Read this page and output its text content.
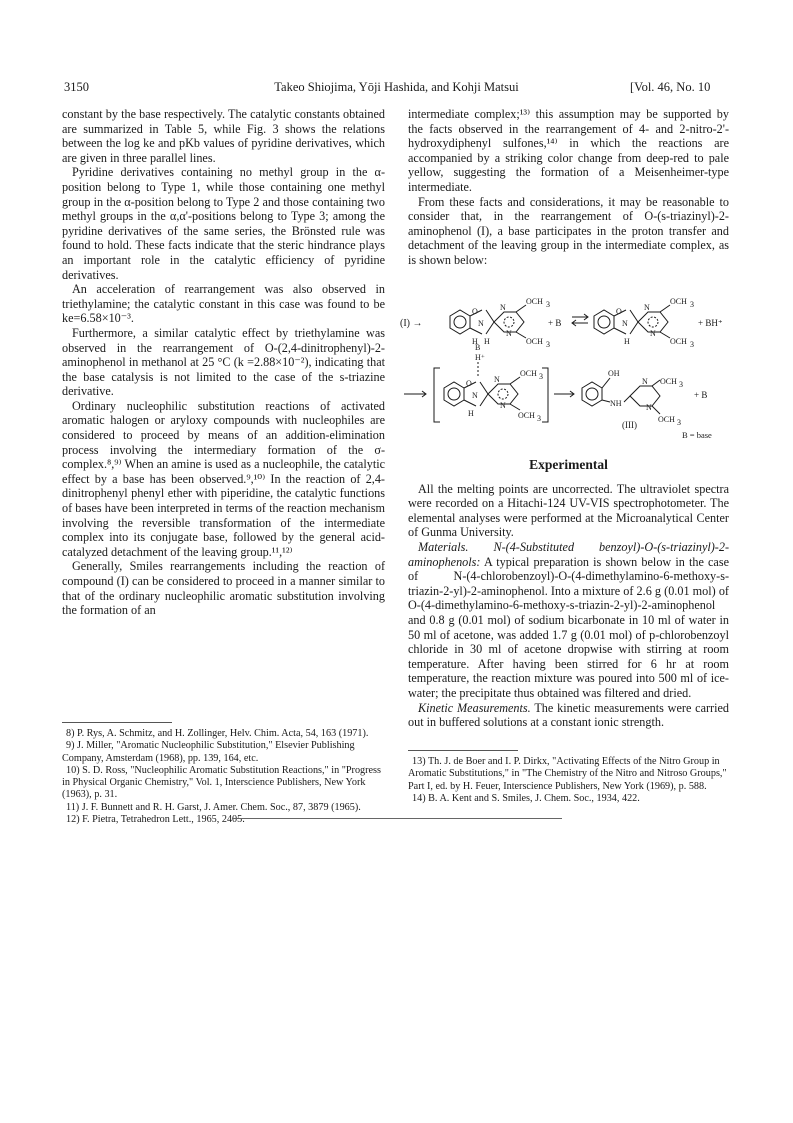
3150	Takeo Shiojima, Yōji Hashida, and Kohji Matsui	[Vol. 46, No. 10

constant by the base respectively. The catalytic constants obtained are summarized in Table 5, while Fig. 3 shows the relations between the log ke and pKb values of pyridine derivatives, which are given in three parallel lines.

Pyridine derivatives containing no methyl group in the α-position belong to Type 1, while those containing one methyl group in the α-position belong to Type 2 and those containing two methyl groups in the α,α'-positions belong to Type 3; among the pyridine derivatives of the same series, the Brönsted rule was found to hold. These facts indicate that the steric hindrance plays an important role in the catalytic efficiency of pyridine derivatives.

An acceleration of rearrangement was also observed in triethylamine; the catalytic constant in this case was found to be ke=6.58×10⁻³.

Furthermore, a similar catalytic effect by triethylamine was observed in the rearrangement of O-(2,4-dinitrophenyl)-2-aminophenol in methanol at 25 °C (k =2.88×10⁻²), indicating that the base catalysis is not limited to the case of the s-triazine derivative.

Ordinary nucleophilic substitution reactions of activated aromatic halogen or aryloxy compounds with nucleophiles are considered to proceed by means of an addition-elimination process involving the intermediary formation of the σ-complex.⁸,⁹⁾ When an amine is used as a nucleophile, the catalytic effect by a base has been observed.⁹,¹⁰⁾ In the reaction of 2,4-dinitrophenyl phenyl ether with piperidine, the catalytic functions of bases have been interpreted in terms of the reaction mechanism involving the reversible transformation of the intermediate complex into its conjugate base, followed by the general acid-catalyzed detachment of the leaving group.¹¹,¹²⁾

Generally, Smiles rearrangements including the reaction of compound (I) can be considered to proceed in a manner similar to that of the ordinary nucleophilic aromatic substitution involving the formation of an

8) P. Rys, A. Schmitz, and H. Zollinger, Helv. Chim. Acta, 54, 163 (1971).
9) J. Miller, "Aromatic Nucleophilic Substitution," Elsevier Publishing Company, Amsterdam (1968), pp. 139, 164, etc.
10) S. D. Ross, "Nucleophilic Aromatic Substitution Reactions," in "Progress in Physical Organic Chemistry," Vol. 1, Interscience Publishers, New York (1963), p. 31.
11) J. F. Bunnett and R. H. Garst, J. Amer. Chem. Soc., 87, 3879 (1965).
12) F. Pietra, Tetrahedron Lett., 1965, 2405.

intermediate complex;¹³⁾ this assumption may be supported by the facts observed in the rearrangement of 4- and 2-nitro-2'-hydroxydiphenyl sulfones,¹⁴⁾ in which the reactions are accompanied by a striking color change from deep-red to pale yellow, suggesting the formation of a Meisenheimer-type intermediate.

From these facts and considerations, it may be reasonable to consider that, in the rearrangement of O-(s-triazinyl)-2-aminophenol (I), a base participates in the proton transfer and detachment of the leaving group in the intermediate complex, as is shown below:

(I) →
O
N
H H
N
N
OCH 3
OCH 3
+ B
O
N
H
N
N
OCH 3
OCH 3
+ BH⁺
B
H⁺
O
N
H
N
N
OCH 3
OCH 3
OH
NH
N
N
OCH 3
OCH 3
+ B
(III)
B = base
Experimental

All the melting points are uncorrected. The ultraviolet spectra were recorded on a Hitachi-124 UV-VIS spectrophotometer. The elemental analyses were performed at the Microanalytical Center of Gunma University.

Materials. N-(4-Substituted benzoyl)-O-(s-triazinyl)-2-aminophenols: A typical preparation is shown below in the case of N-(4-chlorobenzoyl)-O-(4-dimethylamino-6-methoxy-s-triazin-2-yl)-2-aminophenol. Into a mixture of 2.6 g (0.01 mol) of O-(4-dimethylamino-6-methoxy-s-triazin-2-yl)-2-aminophenol and 0.8 g (0.01 mol) of sodium bicarbonate in 10 ml of water in 50 ml of acetone, was added 1.7 g (0.01 mol) of p-chlorobenzoyl chloride in 30 ml of acetone dropwise with stirring at room temperature. After having been stirred for 6 hr at room temperature, the reaction mixture was poured into 500 ml of ice-water; the precipitate thus obtained was filtered and dried.

Kinetic Measurements. The kinetic measurements were carried out in buffered solutions at a constant ionic strength.

13) Th. J. de Boer and I. P. Dirkx, "Activating Effects of the Nitro Group in Aromatic Substitutions," in "The Chemistry of the Nitro and Nitroso Groups," Part I, ed. by H. Feuer, Interscience Publishers, New York (1969), p. 588.
14) B. A. Kent and S. Smiles, J. Chem. Soc., 1934, 422.
